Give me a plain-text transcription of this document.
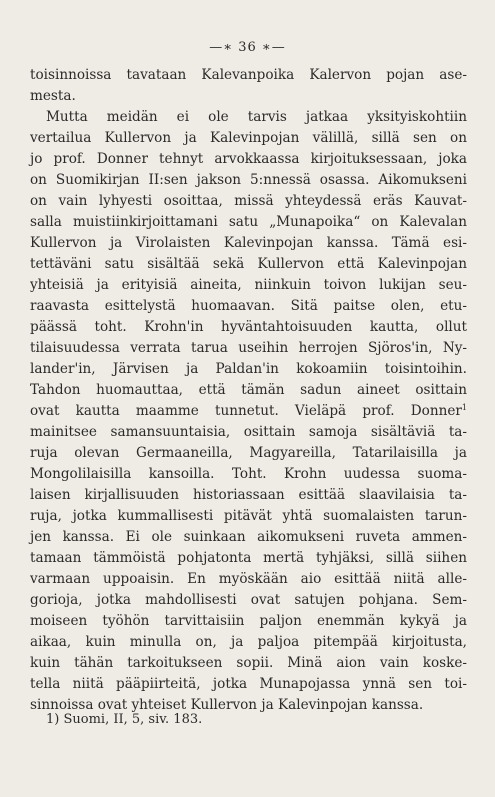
—∗ 36 ∗—
toisinnoissa tavataan Kalevanpoika Kalervon pojan ase-
mesta.
Mutta meidän ei ole tarvis jatkaa yksityiskohtiin
vertailua Kullervon ja Kalevinpojan välillä, sillä sen on
jo prof. Donner tehnyt arvokkaassa kirjoituksessaan, joka
on Suomikirjan II:sen jakson 5:nnessä osassa. Aikomukseni
on vain lyhyesti osoittaa, missä yhteydessä eräs Kauvat-
salla muistiinkirjoittamani satu „Munapoika“ on Kalevalan
Kullervon ja Virolaisten Kalevinpojan kanssa. Tämä esi-
tettäväni satu sisältää sekä Kullervon että Kalevinpojan
yhteisiä ja erityisiä aineita, niinkuin toivon lukijan seu-
raavasta esittelystä huomaavan. Sitä paitse olen, etu-
päässä toht. Krohn'in hyväntahtoisuuden kautta, ollut
tilaisuudessa verrata tarua useihin herrojen Sjöros'in, Ny-
lander'in, Järvisen ja Paldan'in kokoamiin toisintoihin.
Tahdon huomauttaa, että tämän sadun aineet osittain
ovat kautta maamme tunnetut. Vieläpä prof. Donner$^1$
mainitsee samansuuntaisia, osittain samoja sisältäviä ta-
ruja olevan Germaaneilla, Magyareilla, Tatarilaisilla ja
Mongolilaisilla kansoilla. Toht. Krohn uudessa suoma-
laisen kirjallisuuden historiassaan esittää slaavilaisia ta-
ruja, jotka kummallisesti pitävät yhtä suomalaisten tarun-
jen kanssa. Ei ole suinkaan aikomukseni ruveta ammen-
tamaan tämmöistä pohjatonta mertä tyhjäksi, sillä siihen
varmaan uppoaisin. En myöskään aio esittää niitä alle-
gorioja, jotka mahdollisesti ovat satujen pohjana. Sem-
moiseen työhön tarvittaisiin paljon enemmän kykyä ja
aikaa, kuin minulla on, ja paljoa pitempää kirjoitusta,
kuin tähän tarkoitukseen sopii. Minä aion vain koske-
tella niitä pääpiirteitä, jotka Munapojassa ynnä sen toi-
sinnoissa ovat yhteiset Kullervon ja Kalevinpojan kanssa.
1) Suomi, II, 5, siv. 183.
